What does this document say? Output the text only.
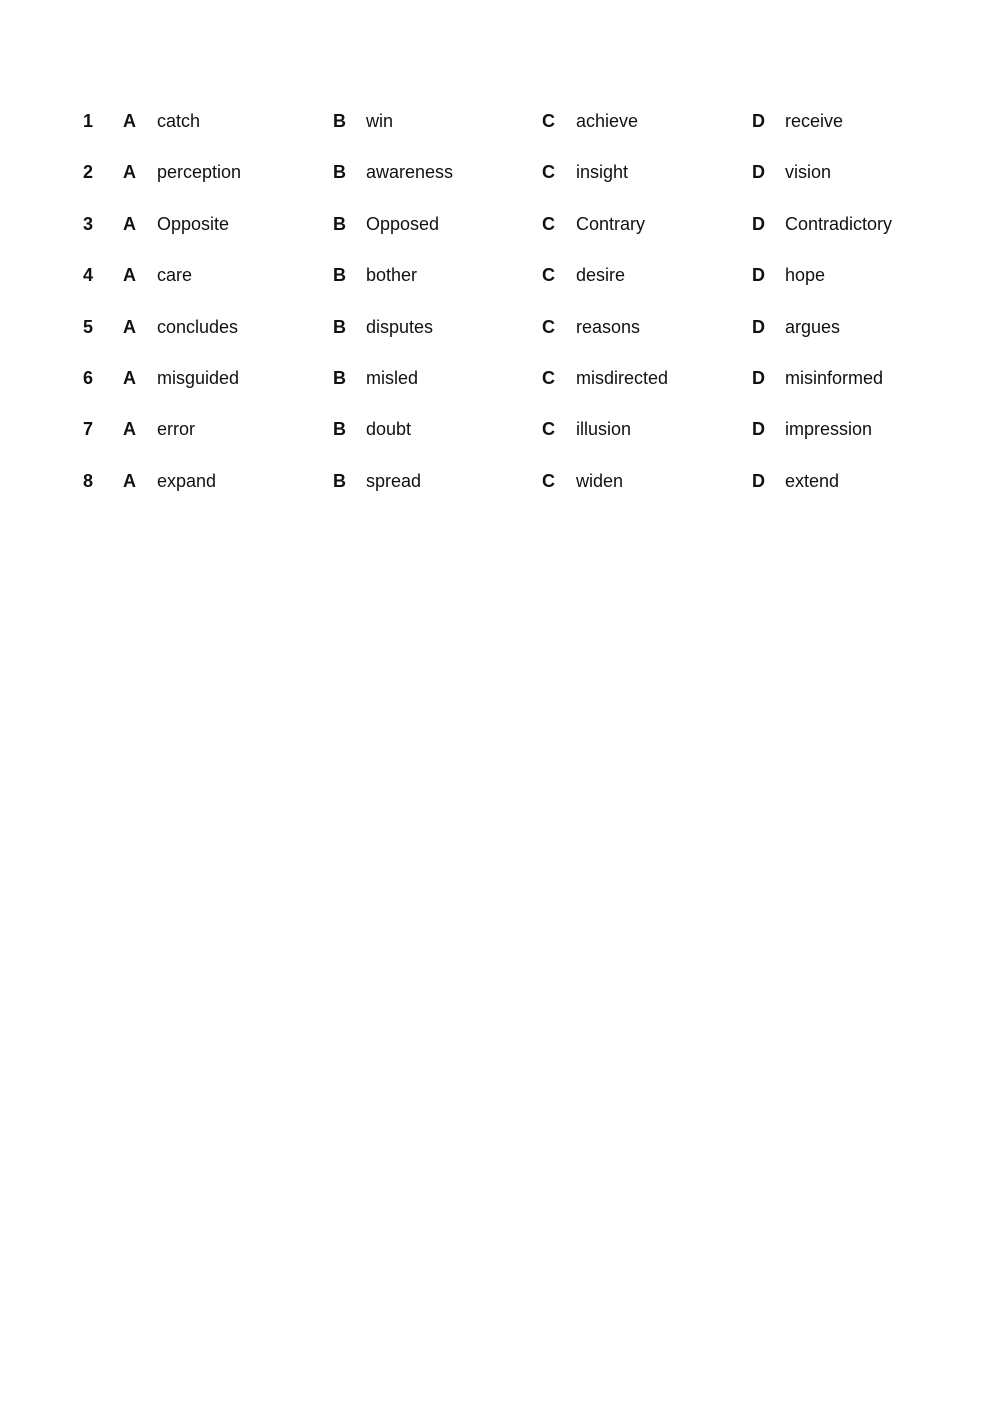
1 A catch	B win	C achieve	D receive
2 A perception	B awareness	C insight	D vision
3 A Opposite	B Opposed	C Contrary	D Contradictory
4 A care	B bother	C desire	D hope
5 A concludes	B disputes	C reasons	D argues
6 A misguided	B misled	C misdirected	D misinformed
7 A error	B doubt	C illusion	D impression
8 A expand	B spread	C widen	D extend
